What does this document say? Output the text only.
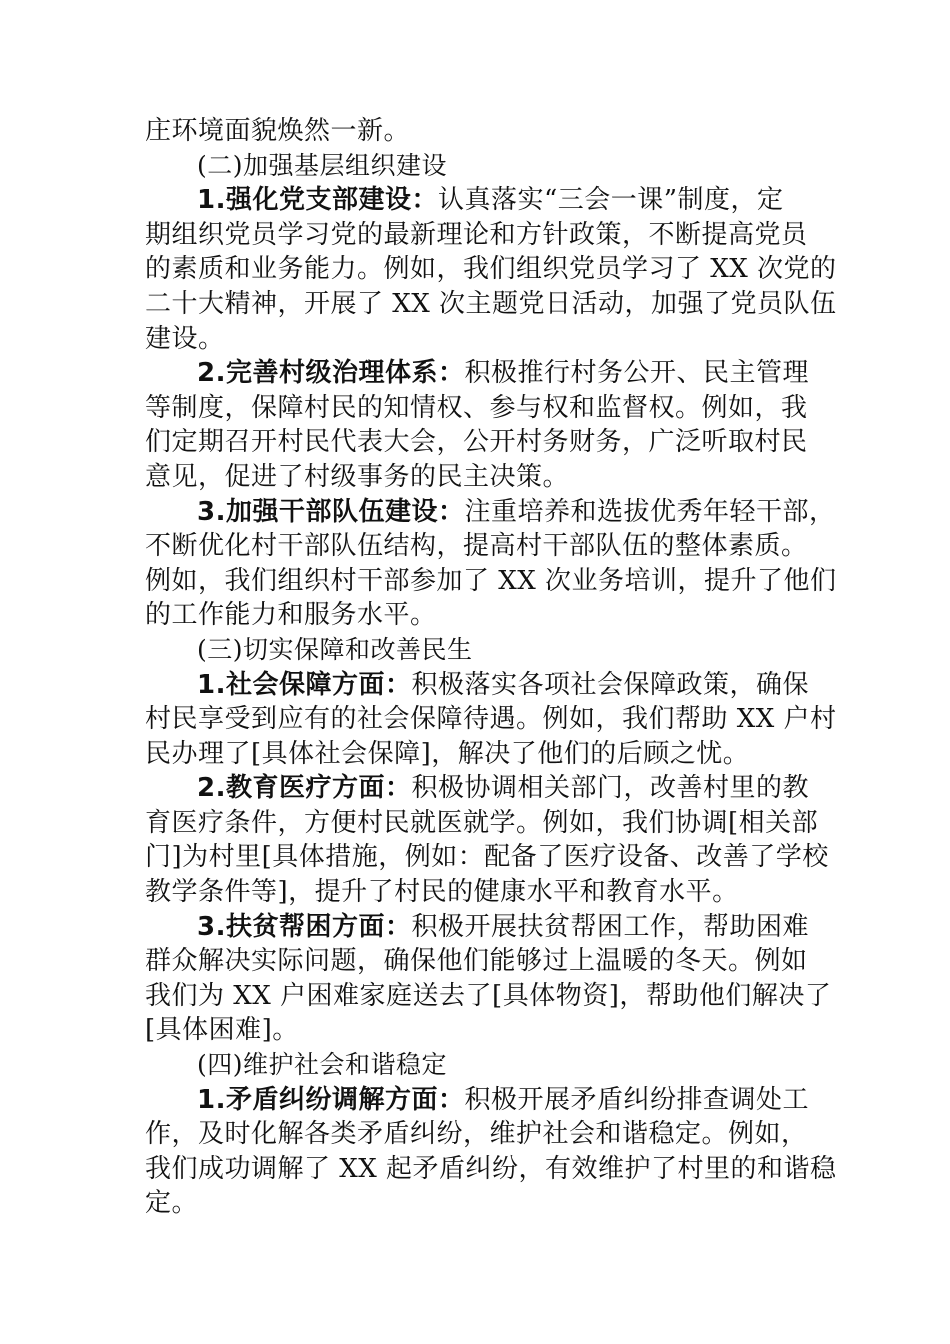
庄环境面貌焕然一新。
(二)加强基层组织建设
1.强化党支部建设：认真落实“三会一课”制度，定
期组织党员学习党的最新理论和方针政策，不断提高党员
的素质和业务能力。例如，我们组织党员学习了 XX 次党的
二十大精神，开展了 XX 次主题党日活动，加强了党员队伍
建设。
2.完善村级治理体系：积极推行村务公开、民主管理
等制度，保障村民的知情权、参与权和监督权。例如，我
们定期召开村民代表大会，公开村务财务，广泛听取村民
意见，促进了村级事务的民主决策。
3.加强干部队伍建设：注重培养和选拔优秀年轻干部，
不断优化村干部队伍结构，提高村干部队伍的整体素质。
例如，我们组织村干部参加了 XX 次业务培训，提升了他们
的工作能力和服务水平。
(三)切实保障和改善民生
1.社会保障方面：积极落实各项社会保障政策，确保
村民享受到应有的社会保障待遇。例如，我们帮助 XX 户村
民办理了[具体社会保障]，解决了他们的后顾之忧。
2.教育医疗方面：积极协调相关部门，改善村里的教
育医疗条件，方便村民就医就学。例如，我们协调[相关部
门]为村里[具体措施，例如：配备了医疗设备、改善了学校
教学条件等]，提升了村民的健康水平和教育水平。
3.扶贫帮困方面：积极开展扶贫帮困工作，帮助困难
群众解决实际问题，确保他们能够过上温暖的冬天。例如
我们为 XX 户困难家庭送去了[具体物资]，帮助他们解决了
[具体困难]。
(四)维护社会和谐稳定
1.矛盾纠纷调解方面：积极开展矛盾纠纷排查调处工
作，及时化解各类矛盾纠纷，维护社会和谐稳定。例如，
我们成功调解了 XX 起矛盾纠纷，有效维护了村里的和谐稳
定。
